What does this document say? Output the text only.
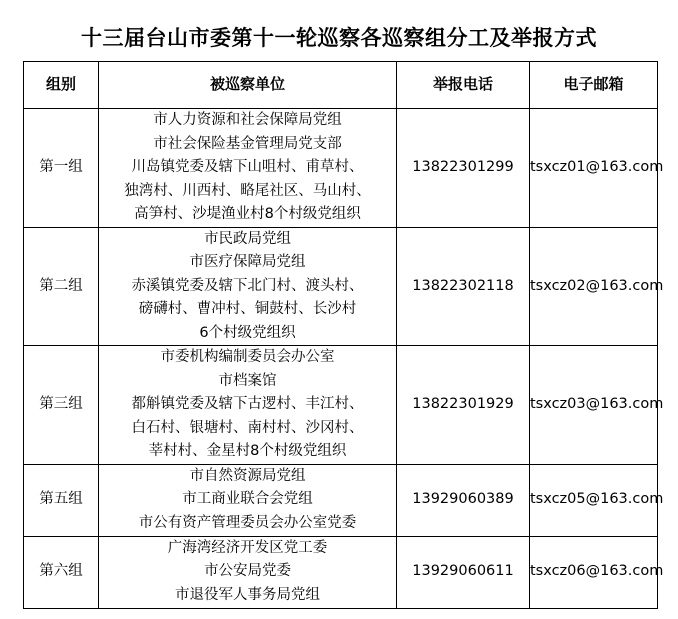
十三届台山市委第十一轮巡察各巡察组分工及举报方式
组别	被巡察单位	举报电话	电子邮箱
第一组	市人力资源和社会保障局党组
市社会保险基金管理局党支部
川岛镇党委及辖下山咀村、甫草村、
独湾村、川西村、略尾社区、马山村、
高笋村、沙堤渔业村8个村级党组织	13822301299	tsxcz01@163.com
第二组	市民政局党组
市医疗保障局党组
赤溪镇党委及辖下北门村、渡头村、
磅礴村、曹冲村、铜鼓村、长沙村
6个村级党组织	13822302118	tsxcz02@163.com
第三组	市委机构编制委员会办公室
市档案馆
都斛镇党委及辖下古逻村、丰江村、
白石村、银塘村、南村村、沙冈村、
莘村村、金星村8个村级党组织	13822301929	tsxcz03@163.com
第五组	市自然资源局党组
市工商业联合会党组
市公有资产管理委员会办公室党委	13929060389	tsxcz05@163.com
第六组	广海湾经济开发区党工委
市公安局党委
市退役军人事务局党组	13929060611	tsxcz06@163.com
